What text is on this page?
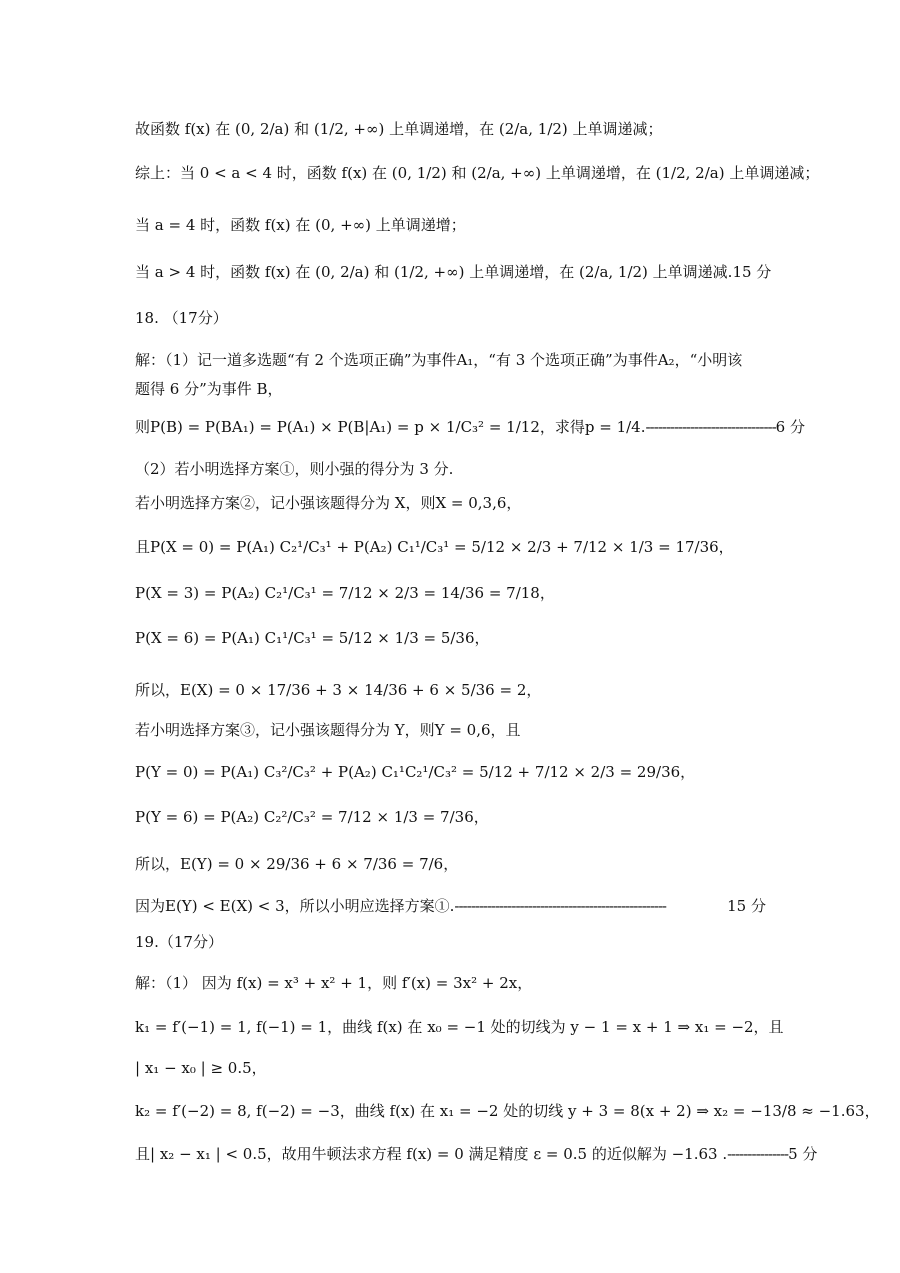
故函数 f(x) 在 (0, 2/a) 和 (1/2, +∞) 上单调递增，在 (2/a, 1/2) 上单调递减；
综上：当 0 < a < 4 时，函数 f(x) 在 (0, 1/2) 和 (2/a, +∞) 上单调递增，在 (1/2, 2/a) 上单调递减；
当 a = 4 时，函数 f(x) 在 (0, +∞) 上单调递增；
当 a > 4 时，函数 f(x) 在 (0, 2/a) 和 (1/2, +∞) 上单调递增，在 (2/a, 1/2) 上单调递减. 15 分
18. （17分）
解：（1）记一道多选题“有 2 个选项正确”为事件A₁，“有 3 个选项正确”为事件A₂，“小明该
题得 6 分”为事件 B，
则P(B) = P(BA₁) = P(A₁) × P(B|A₁) = p × 1/C₃² = 1/12，求得p = 1/4. -------------------------------- 6 分
（2）若小明选择方案①，则小强的得分为 3 分.
若小明选择方案②，记小强该题得分为 X，则X = 0,3,6，
且P(X = 0) = P(A₁) C₂¹/C₃¹ + P(A₂) C₁¹/C₃¹ = 5/12 × 2/3 + 7/12 × 1/3 = 17/36，
P(X = 3) = P(A₂) C₂¹/C₃¹ = 7/12 × 2/3 = 14/36 = 7/18，
P(X = 6) = P(A₁) C₁¹/C₃¹ = 5/12 × 1/3 = 5/36，
所以，E(X) = 0 × 17/36 + 3 × 14/36 + 6 × 5/36 = 2，
若小明选择方案③，记小强该题得分为 Y，则Y = 0,6，且
P(Y = 0) = P(A₁) C₃²/C₃² + P(A₂) C₁¹C₂¹/C₃² = 5/12 + 7/12 × 2/3 = 29/36，
P(Y = 6) = P(A₂) C₂²/C₃² = 7/12 × 1/3 = 7/36，
所以，E(Y) = 0 × 29/36 + 6 × 7/36 = 7/6，
因为E(Y) < E(X) < 3，所以小明应选择方案①. ----------------------------------------------------	15 分
19.（17分）
解：（1） 因为 f(x) = x³ + x² + 1，则 f′(x) = 3x² + 2x，
k₁ = f′(−1) = 1, f(−1) = 1，曲线 f(x) 在 x₀ = −1 处的切线为 y − 1 = x + 1 ⇒ x₁ = −2，且
| x₁ − x₀ | ≥ 0.5，
k₂ = f′(−2) = 8, f(−2) = −3，曲线 f(x) 在 x₁ = −2 处的切线 y + 3 = 8(x + 2) ⇒ x₂ = −13/8 ≈ −1.63，
且| x₂ − x₁ | < 0.5，故用牛顿法求方程 f(x) = 0 满足精度 ε = 0.5 的近似解为 −1.63 . --------------- 5 分
